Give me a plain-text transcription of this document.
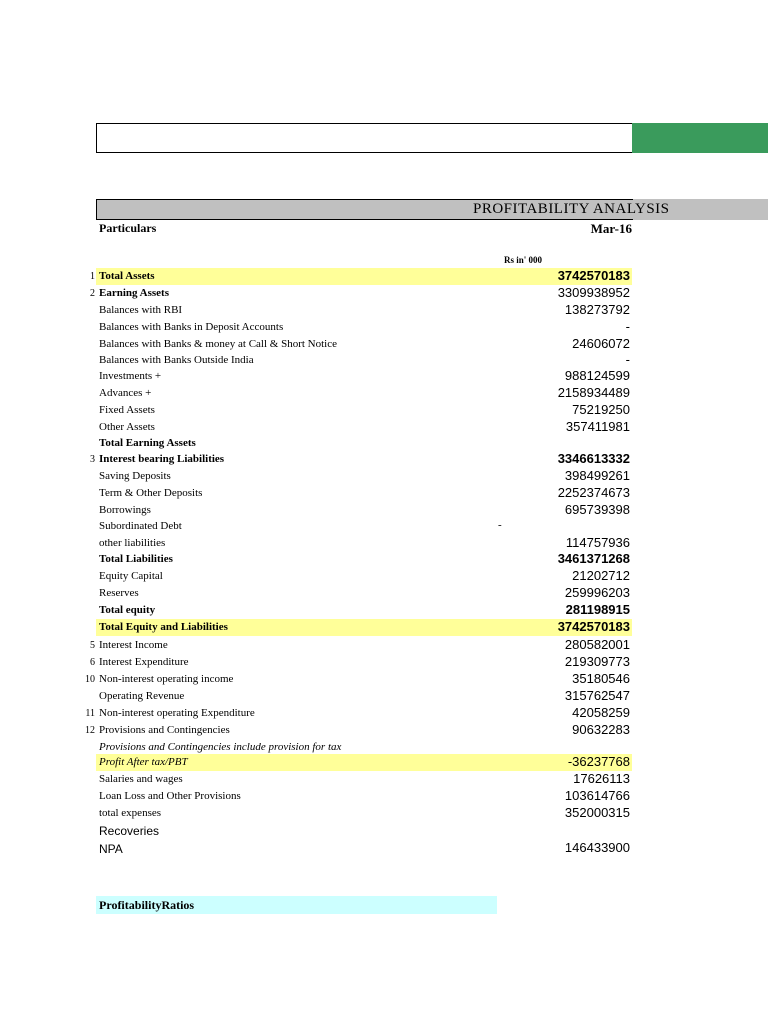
Bank Performance Analysis
PROFITABILITY ANALYSIS
Particulars	Mar-16
Rs in' 000
1 Total Assets	3742570183
2 Earning Assets	3309938952
Balances with RBI	138273792
Balances with Banks in Deposit Accounts	-
Balances with Banks & money at Call & Short Notice	24606072
Balances with Banks Outside India	-
Investments +	988124599
Advances +	2158934489
Fixed Assets	75219250
Other Assets	357411981
Total Earning Assets
3 Interest bearing Liabilities	3346613332
Saving Deposits	398499261
Term & Other Deposits	2252374673
Borrowings	695739398
Subordinated Debt	-
other liabilities	114757936
Total Liabilities	3461371268
Equity Capital	21202712
Reserves	259996203
Total equity	281198915
Total Equity and Liabilities	3742570183
5 Interest Income	280582001
6 Interest Expenditure	219309773
10 Non-interest operating income	35180546
Operating Revenue	315762547
11 Non-interest operating Expenditure	42058259
12 Provisions and Contingencies	90632283
Provisions and Contingencies include provision for tax
Profit After tax/PBT	-36237768
Salaries and wages	17626113
Loan Loss and Other Provisions	103614766
total expenses	352000315
Recoveries
NPA	146433900
ProfitabilityRatios
